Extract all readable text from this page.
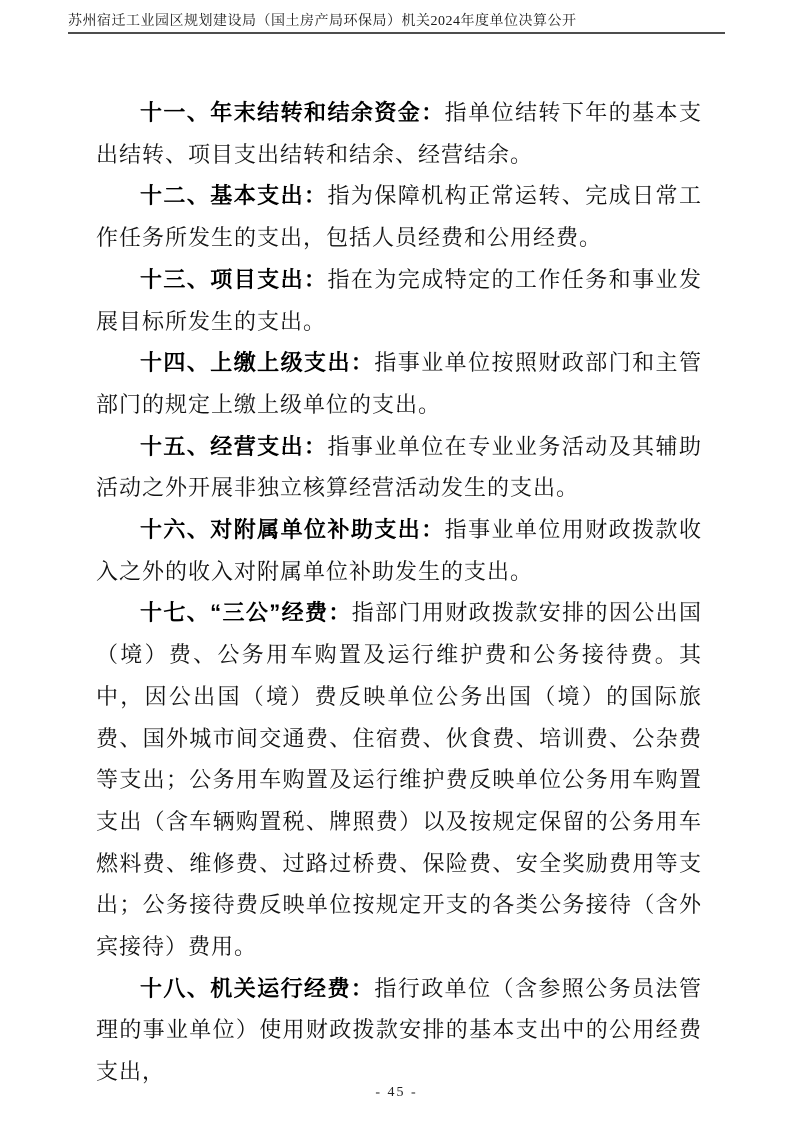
苏州宿迁工业园区规划建设局（国土房产局环保局）机关2024年度单位决算公开

十一、年末结转和结余资金：指单位结转下年的基本支出结转、项目支出结转和结余、经营结余。

十二、基本支出：指为保障机构正常运转、完成日常工作任务所发生的支出，包括人员经费和公用经费。

十三、项目支出：指在为完成特定的工作任务和事业发展目标所发生的支出。

十四、上缴上级支出：指事业单位按照财政部门和主管部门的规定上缴上级单位的支出。

十五、经营支出：指事业单位在专业业务活动及其辅助活动之外开展非独立核算经营活动发生的支出。

十六、对附属单位补助支出：指事业单位用财政拨款收入之外的收入对附属单位补助发生的支出。

十七、“三公”经费：指部门用财政拨款安排的因公出国（境）费、公务用车购置及运行维护费和公务接待费。其中，因公出国（境）费反映单位公务出国（境）的国际旅费、国外城市间交通费、住宿费、伙食费、培训费、公杂费等支出；公务用车购置及运行维护费反映单位公务用车购置支出（含车辆购置税、牌照费）以及按规定保留的公务用车燃料费、维修费、过路过桥费、保险费、安全奖励费用等支出；公务接待费反映单位按规定开支的各类公务接待（含外宾接待）费用。

十八、机关运行经费：指行政单位（含参照公务员法管理的事业单位）使用财政拨款安排的基本支出中的公用经费支出，

- 45 -
